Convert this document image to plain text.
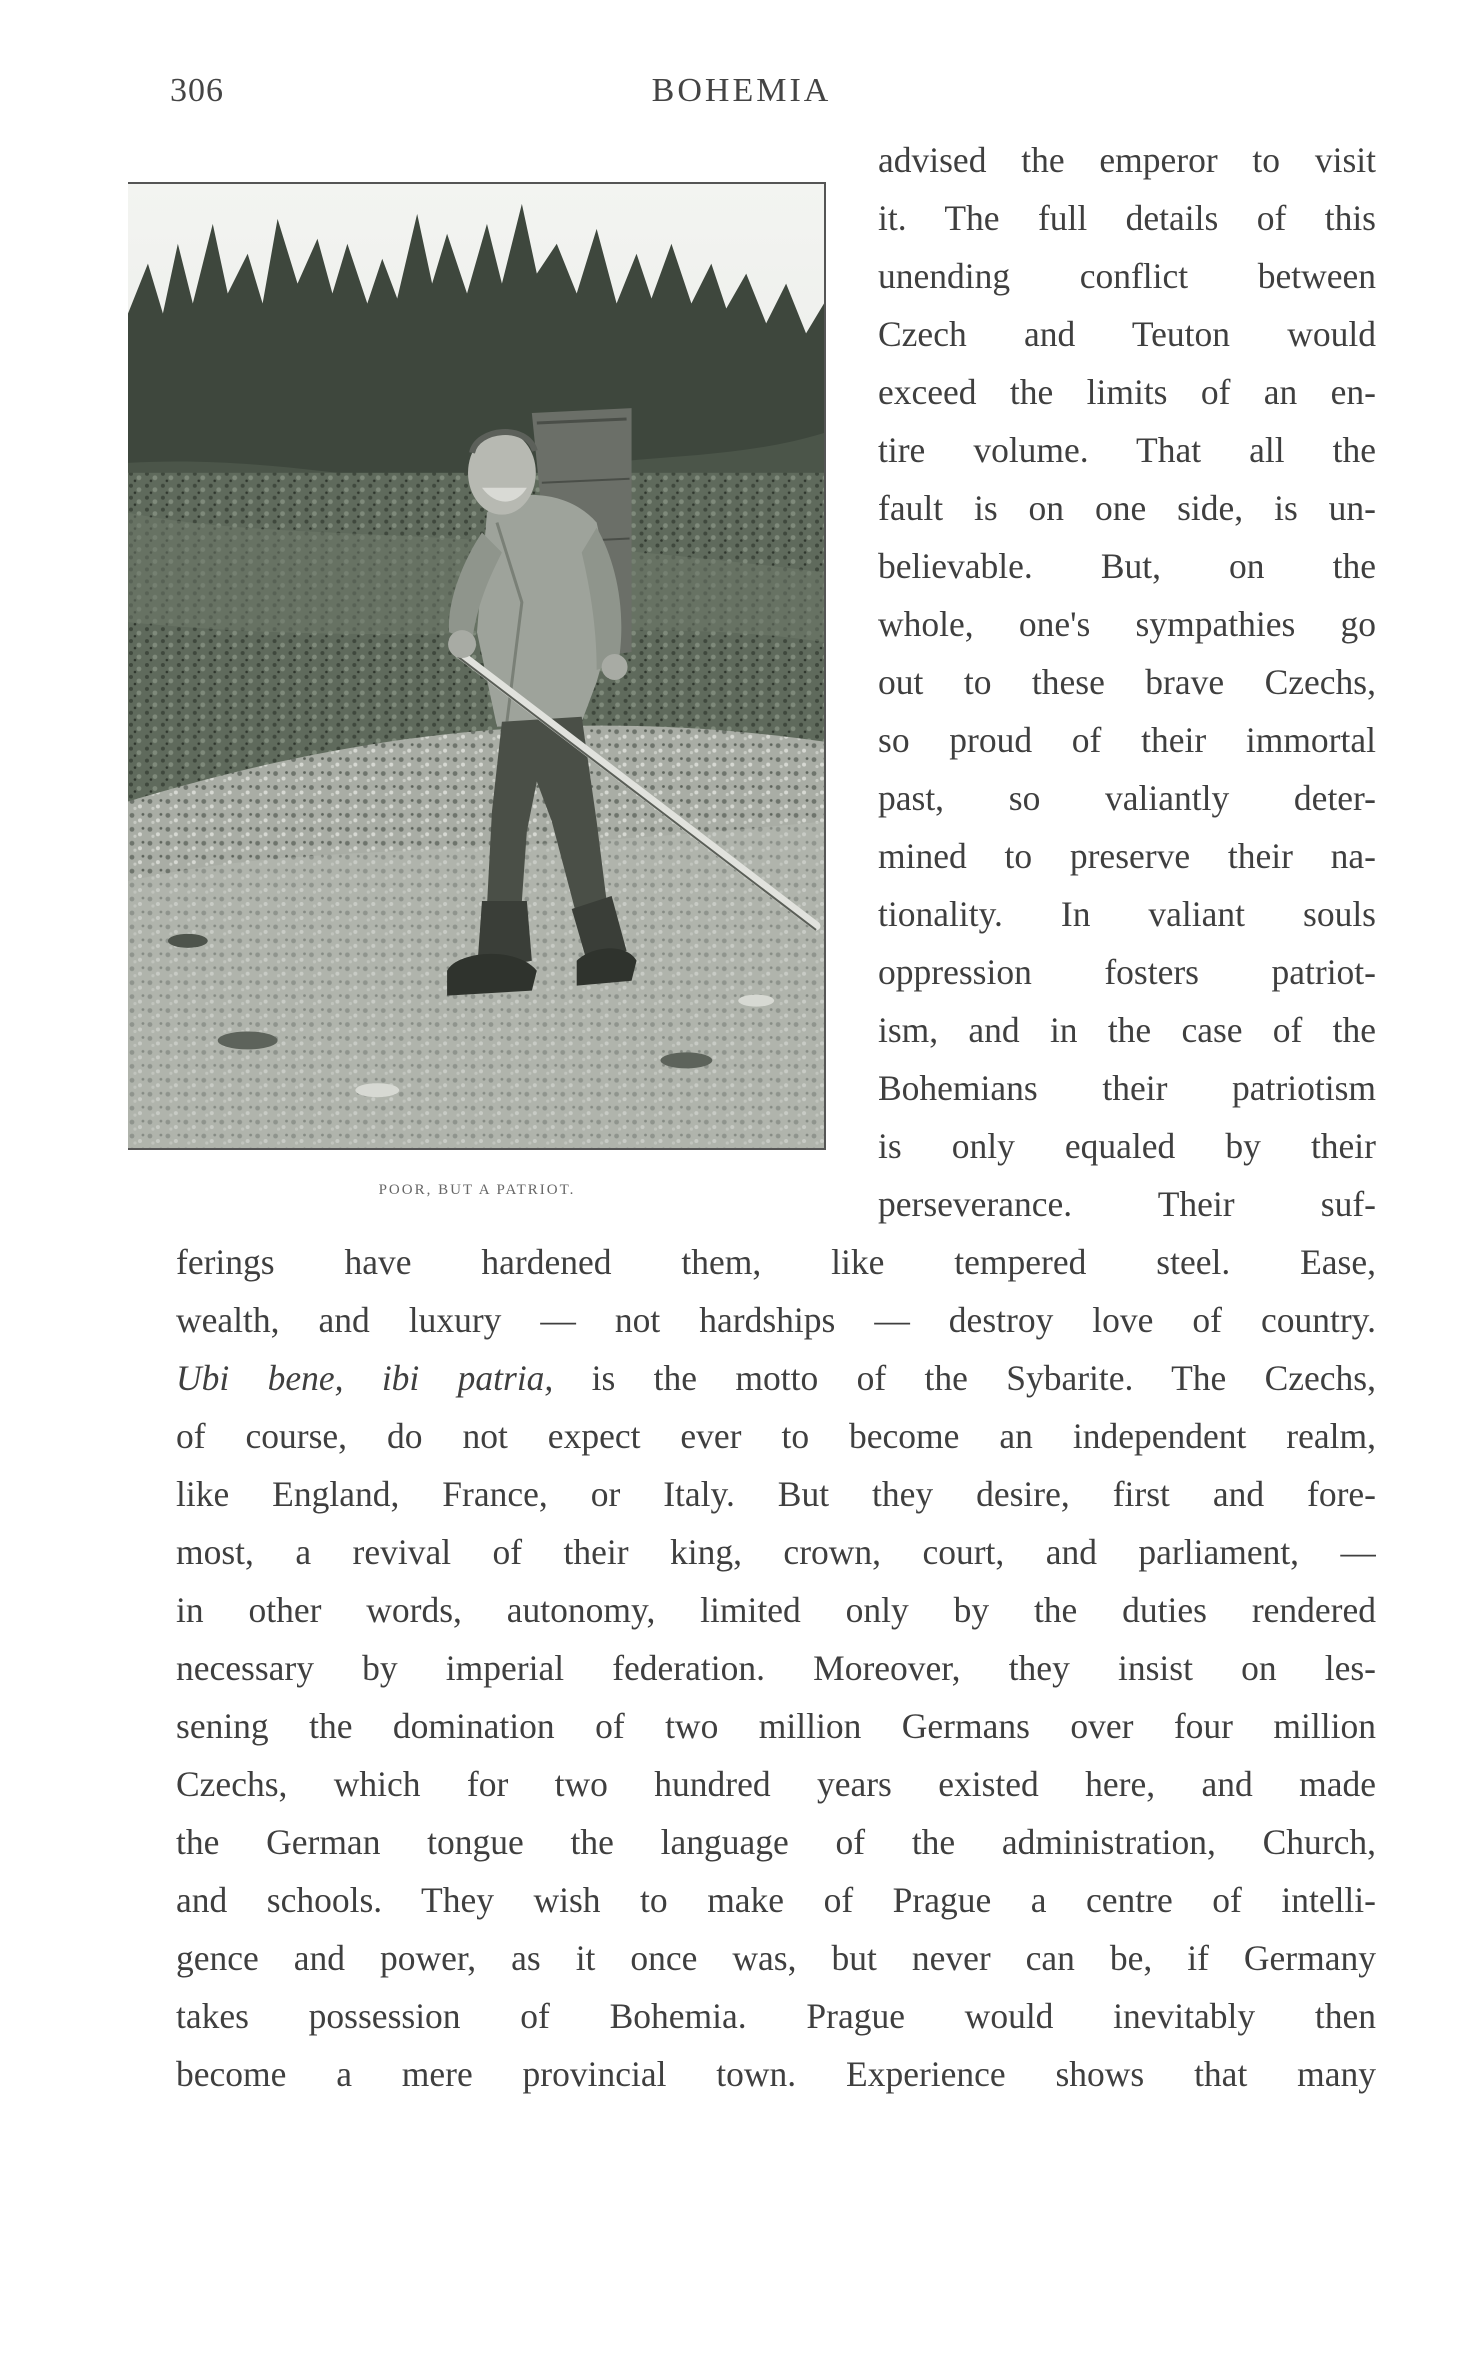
306	BOHEMIA
POOR, BUT A PATRIOT.

advised the emperor to visit

it. The full details of this

unending conflict between

Czech and Teuton would

exceed the limits of an en-

tire volume. That all the

fault is on one side, is un-

believable. But, on the

whole, one's sympathies go

out to these brave Czechs,

so proud of their immortal

past, so valiantly deter-

mined to preserve their na-

tionality. In valiant souls

oppression fosters patriot-

ism, and in the case of the

Bohemians their patriotism

is only equaled by their

perseverance. Their suf-

ferings have hardened them, like tempered steel. Ease,

wealth, and luxury — not hardships — destroy love of country.

Ubi bene, ibi patria, is the motto of the Sybarite. The Czechs,

of course, do not expect ever to become an independent realm,

like England, France, or Italy. But they desire, first and fore-

most, a revival of their king, crown, court, and parliament, —

in other words, autonomy, limited only by the duties rendered

necessary by imperial federation. Moreover, they insist on les-

sening the domination of two million Germans over four million

Czechs, which for two hundred years existed here, and made

the German tongue the language of the administration, Church,

and schools. They wish to make of Prague a centre of intelli-

gence and power, as it once was, but never can be, if Germany

takes possession of Bohemia. Prague would inevitably then

become a mere provincial town. Experience shows that many
